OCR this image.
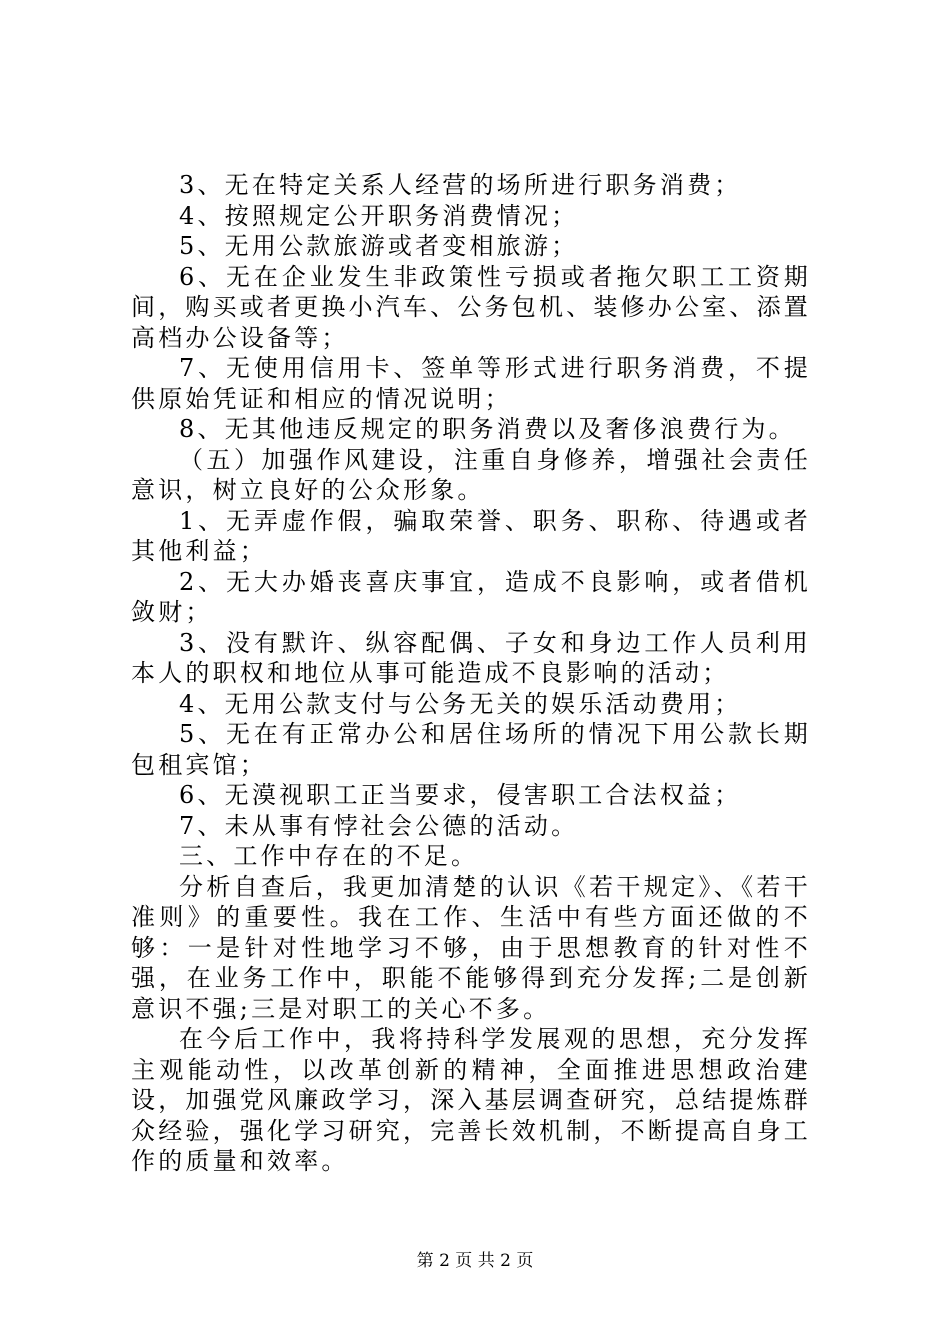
3、无在特定关系人经营的场所进行职务消费；

4、按照规定公开职务消费情况；

5、无用公款旅游或者变相旅游；

6、无在企业发生非政策性亏损或者拖欠职工工资期间，购买或者更换小汽车、公务包机、装修办公室、添置高档办公设备等；

7、无使用信用卡、签单等形式进行职务消费，不提供原始凭证和相应的情况说明；

8、无其他违反规定的职务消费以及奢侈浪费行为。

（五）加强作风建设，注重自身修养，增强社会责任意识，树立良好的公众形象。

1、无弄虚作假，骗取荣誉、职务、职称、待遇或者其他利益；

2、无大办婚丧喜庆事宜，造成不良影响，或者借机敛财；

3、没有默许、纵容配偶、子女和身边工作人员利用本人的职权和地位从事可能造成不良影响的活动；

4、无用公款支付与公务无关的娱乐活动费用；

5、无在有正常办公和居住场所的情况下用公款长期包租宾馆；

6、无漠视职工正当要求，侵害职工合法权益；

7、未从事有悖社会公德的活动。

三、工作中存在的不足。

分析自查后，我更加清楚的认识《若干规定》、《若干准则》的重要性。我在工作、生活中有些方面还做的不够：一是针对性地学习不够，由于思想教育的针对性不强，在业务工作中，职能不能够得到充分发挥;二是创新意识不强;三是对职工的关心不多。

在今后工作中，我将持科学发展观的思想，充分发挥主观能动性，以改革创新的精神，全面推进思想政治建设，加强党风廉政学习，深入基层调查研究，总结提炼群众经验，强化学习研究，完善长效机制，不断提高自身工作的质量和效率。

第 2 页 共 2 页
